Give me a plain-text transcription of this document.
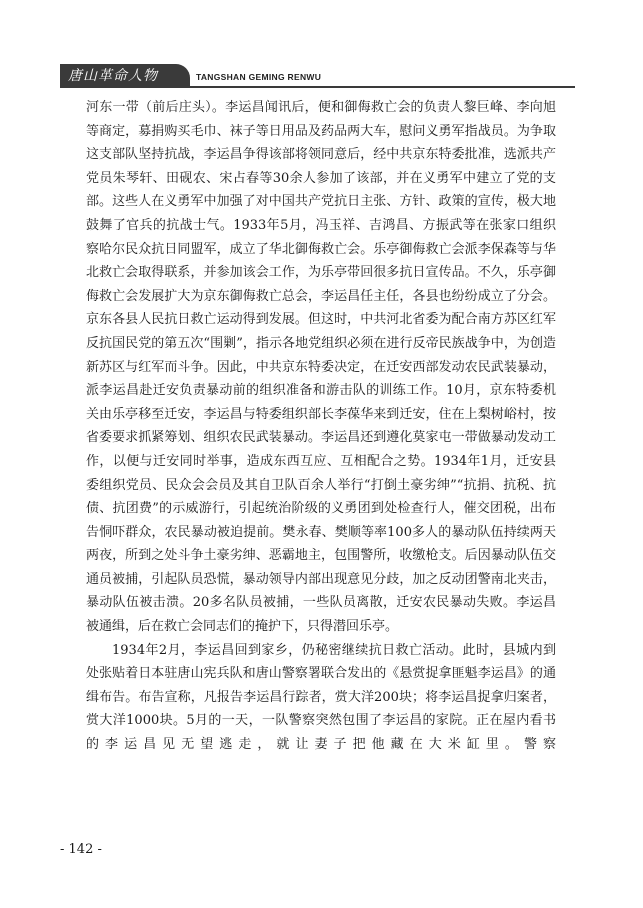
唐山革命人物	TANGSHAN GEMING RENWU

河东一带（前后庄头）。李运昌闻讯后，便和御侮救亡会的负责人黎巨峰、李向旭等商定，募捐购买毛巾、袜子等日用品及药品两大车，慰问义勇军指战员。为争取这支部队坚持抗战，李运昌争得该部将领同意后，经中共京东特委批准，选派共产党员朱琴轩、田砚农、宋占春等30余人参加了该部，并在义勇军中建立了党的支部。这些人在义勇军中加强了对中国共产党抗日主张、方针、政策的宣传，极大地鼓舞了官兵的抗战士气。1933年5月，冯玉祥、吉鸿昌、方振武等在张家口组织察哈尔民众抗日同盟军，成立了华北御侮救亡会。乐亭御侮救亡会派李保森等与华北救亡会取得联系，并参加该会工作，为乐亭带回很多抗日宣传品。不久，乐亭御侮救亡会发展扩大为京东御侮救亡总会，李运昌任主任，各县也纷纷成立了分会。京东各县人民抗日救亡运动得到发展。但这时，中共河北省委为配合南方苏区红军反抗国民党的第五次“围剿”，指示各地党组织必须在进行反帝民族战争中，为创造新苏区与红军而斗争。因此，中共京东特委决定，在迁安西部发动农民武装暴动，派李运昌赴迁安负责暴动前的组织准备和游击队的训练工作。10月，京东特委机关由乐亭移至迁安，李运昌与特委组织部长李葆华来到迁安，住在上梨树峪村，按省委要求抓紧筹划、组织农民武装暴动。李运昌还到遵化莫家屯一带做暴动发动工作，以便与迁安同时举事，造成东西互应、互相配合之势。1934年1月，迁安县委组织党员、民众会会员及其自卫队百余人举行“打倒土豪劣绅”“抗捐、抗税、抗债、抗团费”的示威游行，引起统治阶级的义勇团到处检查行人，催交团税，出布告恫吓群众，农民暴动被迫提前。樊永春、樊顺等率100多人的暴动队伍持续两天两夜，所到之处斗争土豪劣绅、恶霸地主，包围警所，收缴枪支。后因暴动队伍交通员被捕，引起队员恐慌，暴动领导内部出现意见分歧，加之反动团警南北夹击，暴动队伍被击溃。20多名队员被捕，一些队员离散，迁安农民暴动失败。李运昌被通缉，后在救亡会同志们的掩护下，只得潜回乐亭。

1934年2月，李运昌回到家乡，仍秘密继续抗日救亡活动。此时，县城内到处张贴着日本驻唐山宪兵队和唐山警察署联合发出的《悬赏捉拿匪魁李运昌》的通缉布告。布告宣称，凡报告李运昌行踪者，赏大洋200块；将李运昌捉拿归案者，赏大洋1000块。5月的一天，一队警察突然包围了李运昌的家院。正在屋内看书的李运昌见无望逃走，就让妻子把他藏在大米缸里。警察

- 142 -
